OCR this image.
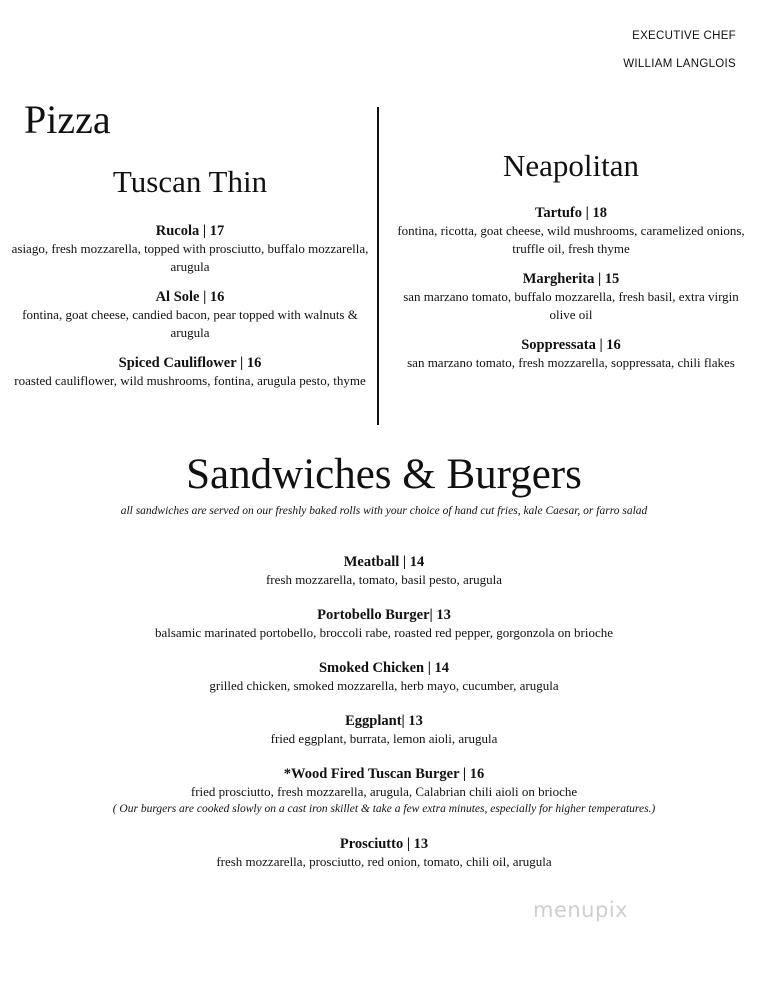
EXECUTIVE CHEF
WILLIAM LANGLOIS
Pizza
Tuscan Thin
Rucola | 17
asiago, fresh mozzarella, topped with prosciutto, buffalo mozzarella, arugula
Al Sole | 16
fontina, goat cheese, candied bacon, pear topped with walnuts & arugula
Spiced Cauliflower | 16
roasted cauliflower, wild mushrooms, fontina, arugula pesto, thyme
Neapolitan
Tartufo | 18
fontina, ricotta, goat cheese, wild mushrooms, caramelized onions, truffle oil, fresh thyme
Margherita | 15
san marzano tomato, buffalo mozzarella, fresh basil, extra virgin olive oil
Soppressata | 16
san marzano tomato, fresh mozzarella, soppressata, chili flakes
Sandwiches & Burgers
all sandwiches are served on our freshly baked rolls with your choice of hand cut fries, kale Caesar, or farro salad
Meatball | 14
fresh mozzarella, tomato, basil pesto, arugula
Portobello Burger| 13
balsamic marinated portobello, broccoli rabe, roasted red pepper, gorgonzola on brioche
Smoked Chicken | 14
grilled chicken, smoked mozzarella, herb mayo, cucumber, arugula
Eggplant| 13
fried eggplant, burrata, lemon aioli, arugula
*Wood Fired Tuscan Burger | 16
fried prosciutto, fresh mozzarella, arugula, Calabrian chili aioli on brioche
( Our burgers are cooked slowly on a cast iron skillet & take a few extra minutes, especially for higher temperatures.)
Prosciutto | 13
fresh mozzarella, prosciutto, red onion, tomato, chili oil, arugula
menupix
